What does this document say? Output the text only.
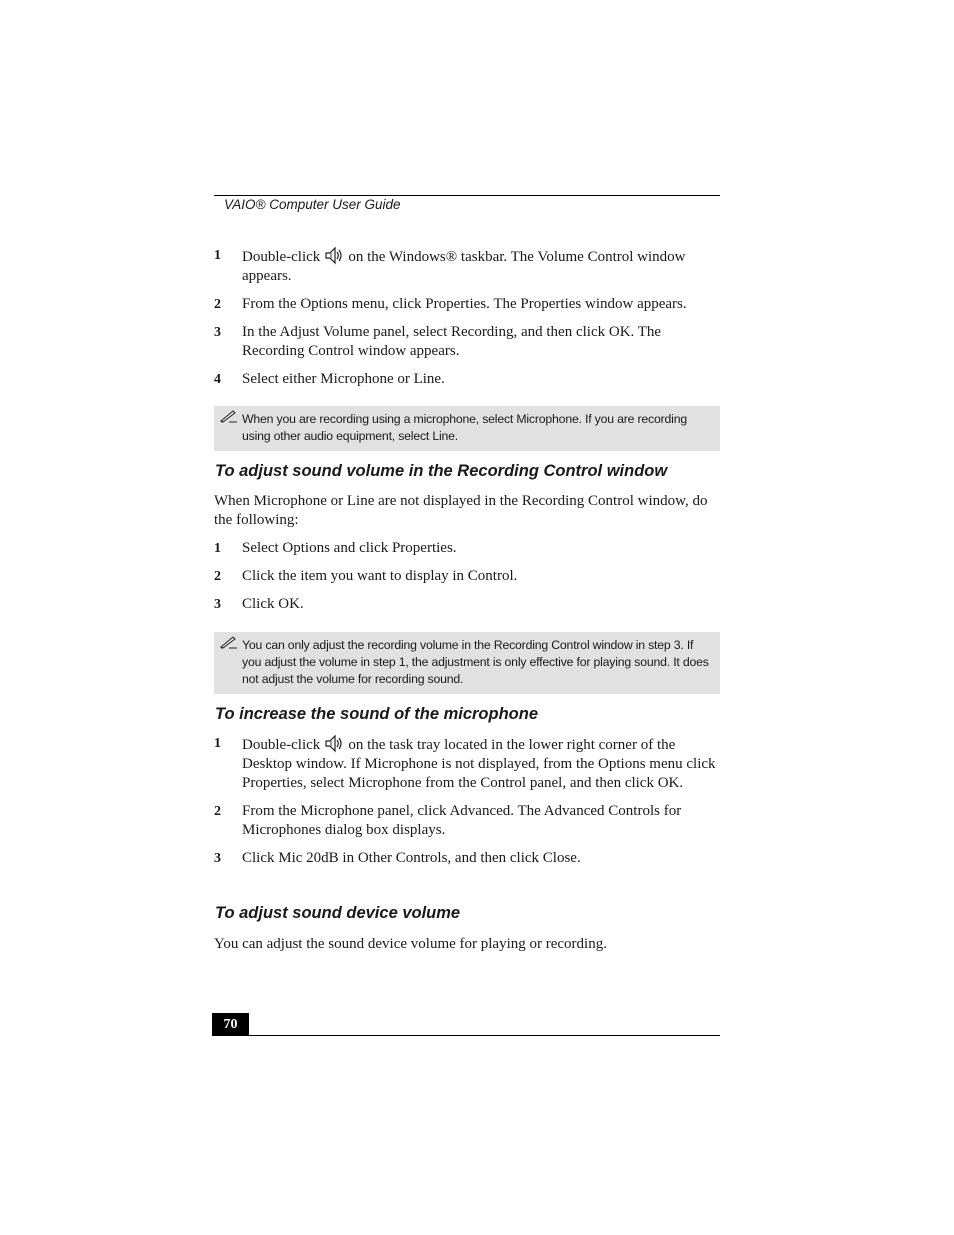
VAIO® Computer User Guide
1 Double-click on the Windows® taskbar. The Volume Control window appears.
2 From the Options menu, click Properties. The Properties window appears.
3 In the Adjust Volume panel, select Recording, and then click OK. The Recording Control window appears.
4 Select either Microphone or Line.
When you are recording using a microphone, select Microphone. If you are recording using other audio equipment, select Line.
To adjust sound volume in the Recording Control window

When Microphone or Line are not displayed in the Recording Control window, do the following:

1 Select Options and click Properties.
2 Click the item you want to display in Control.
3 Click OK.
You can only adjust the recording volume in the Recording Control window in step 3. If you adjust the volume in step 1, the adjustment is only effective for playing sound. It does not adjust the volume for recording sound.
To increase the sound of the microphone
1 Double-click on the task tray located in the lower right corner of the Desktop window. If Microphone is not displayed, from the Options menu click Properties, select Microphone from the Control panel, and then click OK.
2 From the Microphone panel, click Advanced. The Advanced Controls for Microphones dialog box displays.
3 Click Mic 20dB in Other Controls, and then click Close.
To adjust sound device volume

You can adjust the sound device volume for playing or recording.

70
